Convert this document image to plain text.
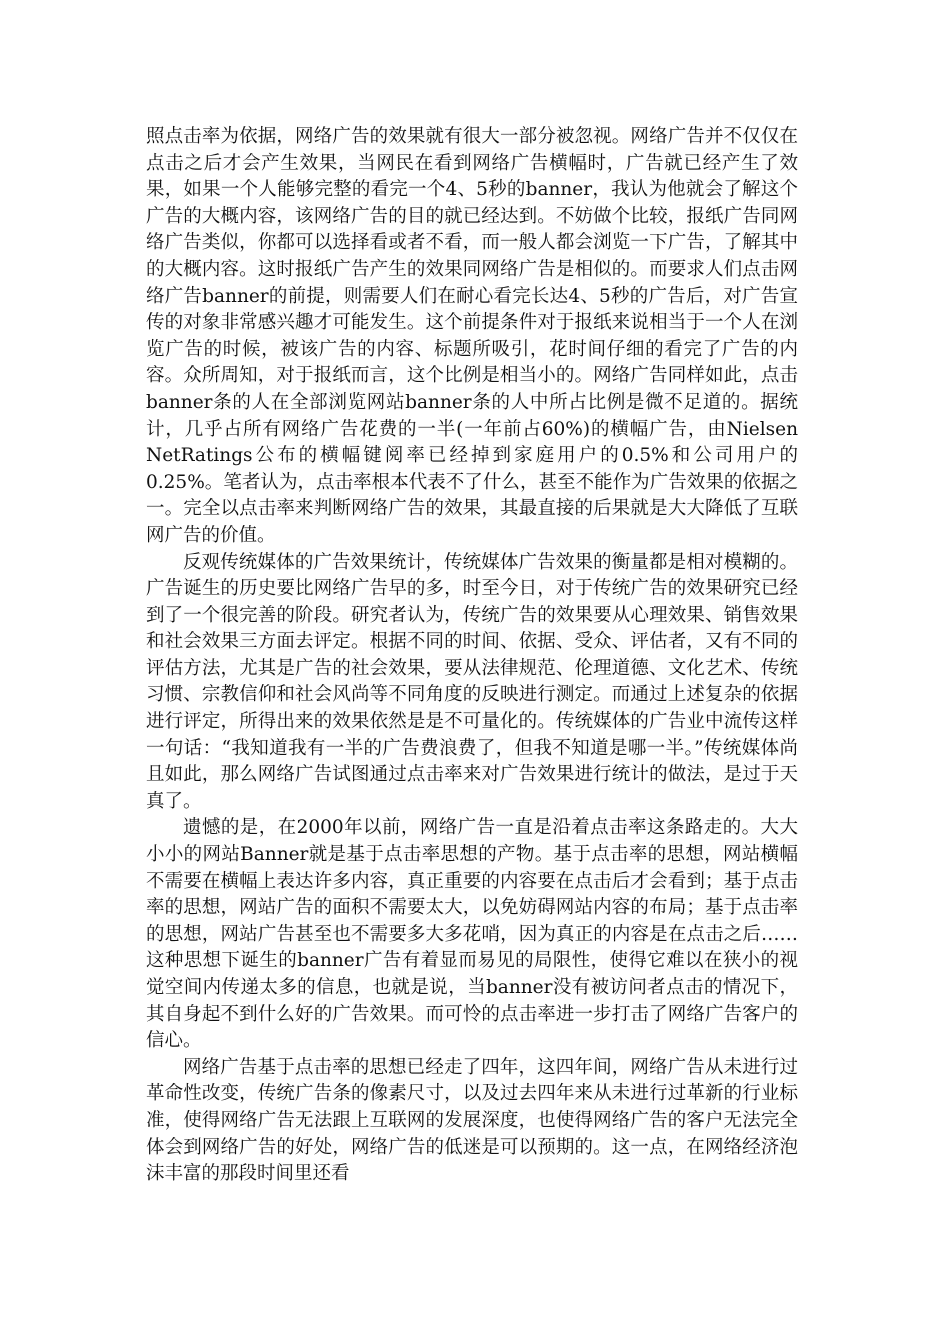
照点击率为依据，网络广告的效果就有很大一部分被忽视。网络广告并不仅仅在点击之后才会产生效果，当网民在看到网络广告横幅时，广告就已经产生了效果，如果一个人能够完整的看完一个4、5秒的banner，我认为他就会了解这个广告的大概内容，该网络广告的目的就已经达到。不妨做个比较，报纸广告同网络广告类似，你都可以选择看或者不看，而一般人都会浏览一下广告，了解其中的大概内容。这时报纸广告产生的效果同网络广告是相似的。而要求人们点击网络广告banner的前提，则需要人们在耐心看完长达4、5秒的广告后，对广告宣传的对象非常感兴趣才可能发生。这个前提条件对于报纸来说相当于一个人在浏览广告的时候，被该广告的内容、标题所吸引，花时间仔细的看完了广告的内容。众所周知，对于报纸而言，这个比例是相当小的。网络广告同样如此，点击banner条的人在全部浏览网站banner条的人中所占比例是微不足道的。据统计，几乎占所有网络广告花费的一半(一年前占60%)的横幅广告，由Nielsen NetRatings公布的横幅键阅率已经掉到家庭用户的0.5%和公司用户的0.25%。笔者认为，点击率根本代表不了什么，甚至不能作为广告效果的依据之一。完全以点击率来判断网络广告的效果，其最直接的后果就是大大降低了互联网广告的价值。

反观传统媒体的广告效果统计，传统媒体广告效果的衡量都是相对模糊的。广告诞生的历史要比网络广告早的多，时至今日，对于传统广告的效果研究已经到了一个很完善的阶段。研究者认为，传统广告的效果要从心理效果、销售效果和社会效果三方面去评定。根据不同的时间、依据、受众、评估者，又有不同的评估方法，尤其是广告的社会效果，要从法律规范、伦理道德、文化艺术、传统习惯、宗教信仰和社会风尚等不同角度的反映进行测定。而通过上述复杂的依据进行评定，所得出来的效果依然是是不可量化的。传统媒体的广告业中流传这样一句话：“我知道我有一半的广告费浪费了，但我不知道是哪一半。”传统媒体尚且如此，那么网络广告试图通过点击率来对广告效果进行统计的做法，是过于天真了。

遗憾的是，在2000年以前，网络广告一直是沿着点击率这条路走的。大大小小的网站Banner就是基于点击率思想的产物。基于点击率的思想，网站横幅不需要在横幅上表达许多内容，真正重要的内容要在点击后才会看到；基于点击率的思想，网站广告的面积不需要太大，以免妨碍网站内容的布局；基于点击率的思想，网站广告甚至也不需要多大多花哨，因为真正的内容是在点击之后……这种思想下诞生的banner广告有着显而易见的局限性，使得它难以在狭小的视觉空间内传递太多的信息，也就是说，当banner没有被访问者点击的情况下，其自身起不到什么好的广告效果。而可怜的点击率进一步打击了网络广告客户的信心。

网络广告基于点击率的思想已经走了四年，这四年间，网络广告从未进行过革命性改变，传统广告条的像素尺寸，以及过去四年来从未进行过革新的行业标准，使得网络广告无法跟上互联网的发展深度，也使得网络广告的客户无法完全体会到网络广告的好处，网络广告的低迷是可以预期的。这一点，在网络经济泡沫丰富的那段时间里还看
